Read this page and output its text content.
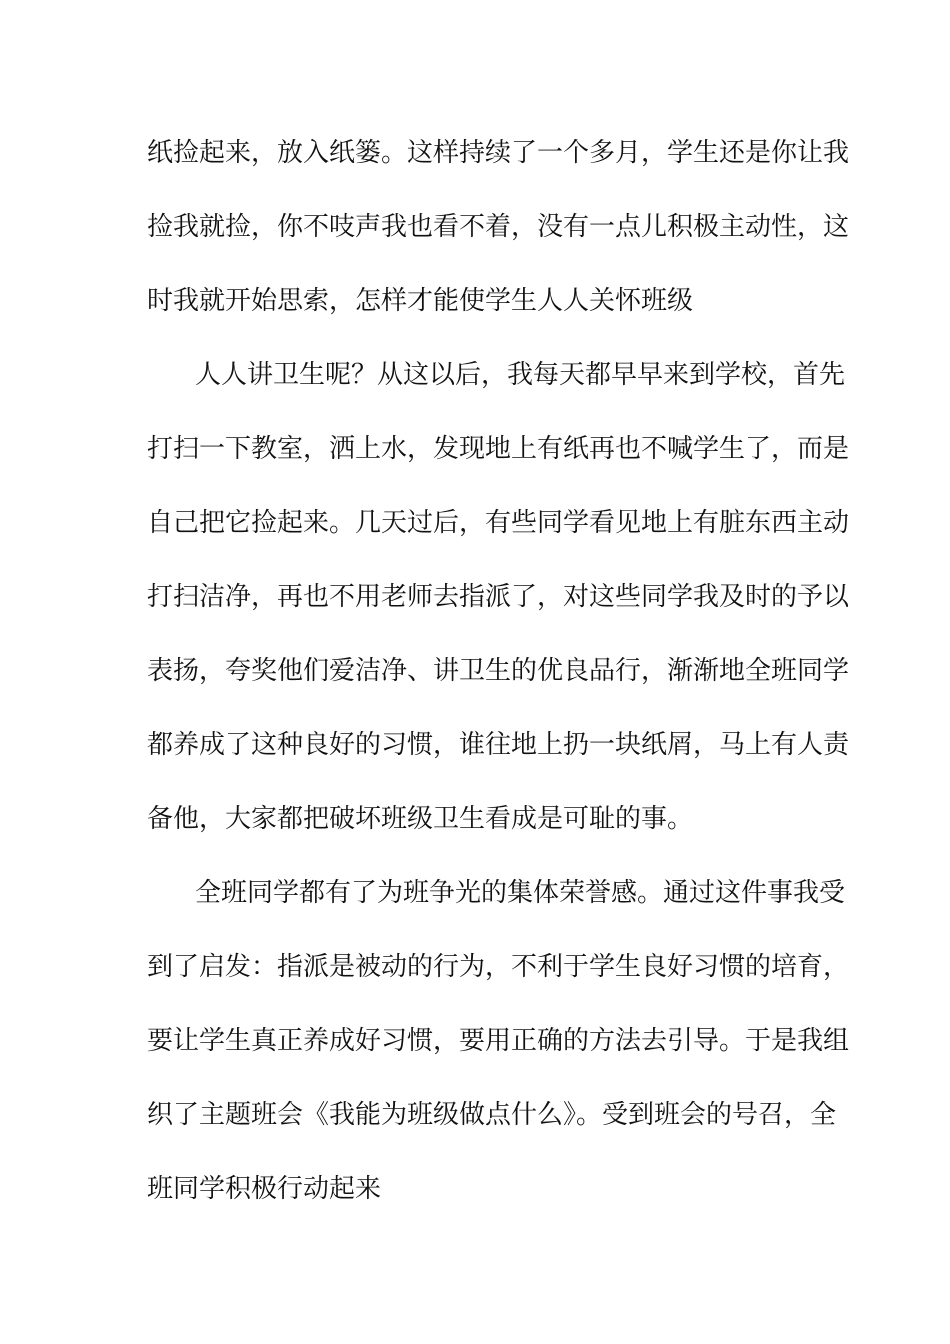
纸捡起来，放入纸篓。这样持续了一个多月，学生还是你让我
捡我就捡，你不吱声我也看不着，没有一点儿积极主动性，这
时我就开始思索，怎样才能使学生人人关怀班级
人人讲卫生呢？从这以后，我每天都早早来到学校，首先
打扫一下教室，洒上水，发现地上有纸再也不喊学生了，而是
自己把它捡起来。几天过后，有些同学看见地上有脏东西主动
打扫洁净，再也不用老师去指派了，对这些同学我及时的予以
表扬，夸奖他们爱洁净、讲卫生的优良品行，渐渐地全班同学
都养成了这种良好的习惯，谁往地上扔一块纸屑，马上有人责
备他，大家都把破坏班级卫生看成是可耻的事。
全班同学都有了为班争光的集体荣誉感。通过这件事我受
到了启发：指派是被动的行为，不利于学生良好习惯的培育，
要让学生真正养成好习惯，要用正确的方法去引导。于是我组
织了主题班会《我能为班级做点什么》。受到班会的号召，全
班同学积极行动起来
